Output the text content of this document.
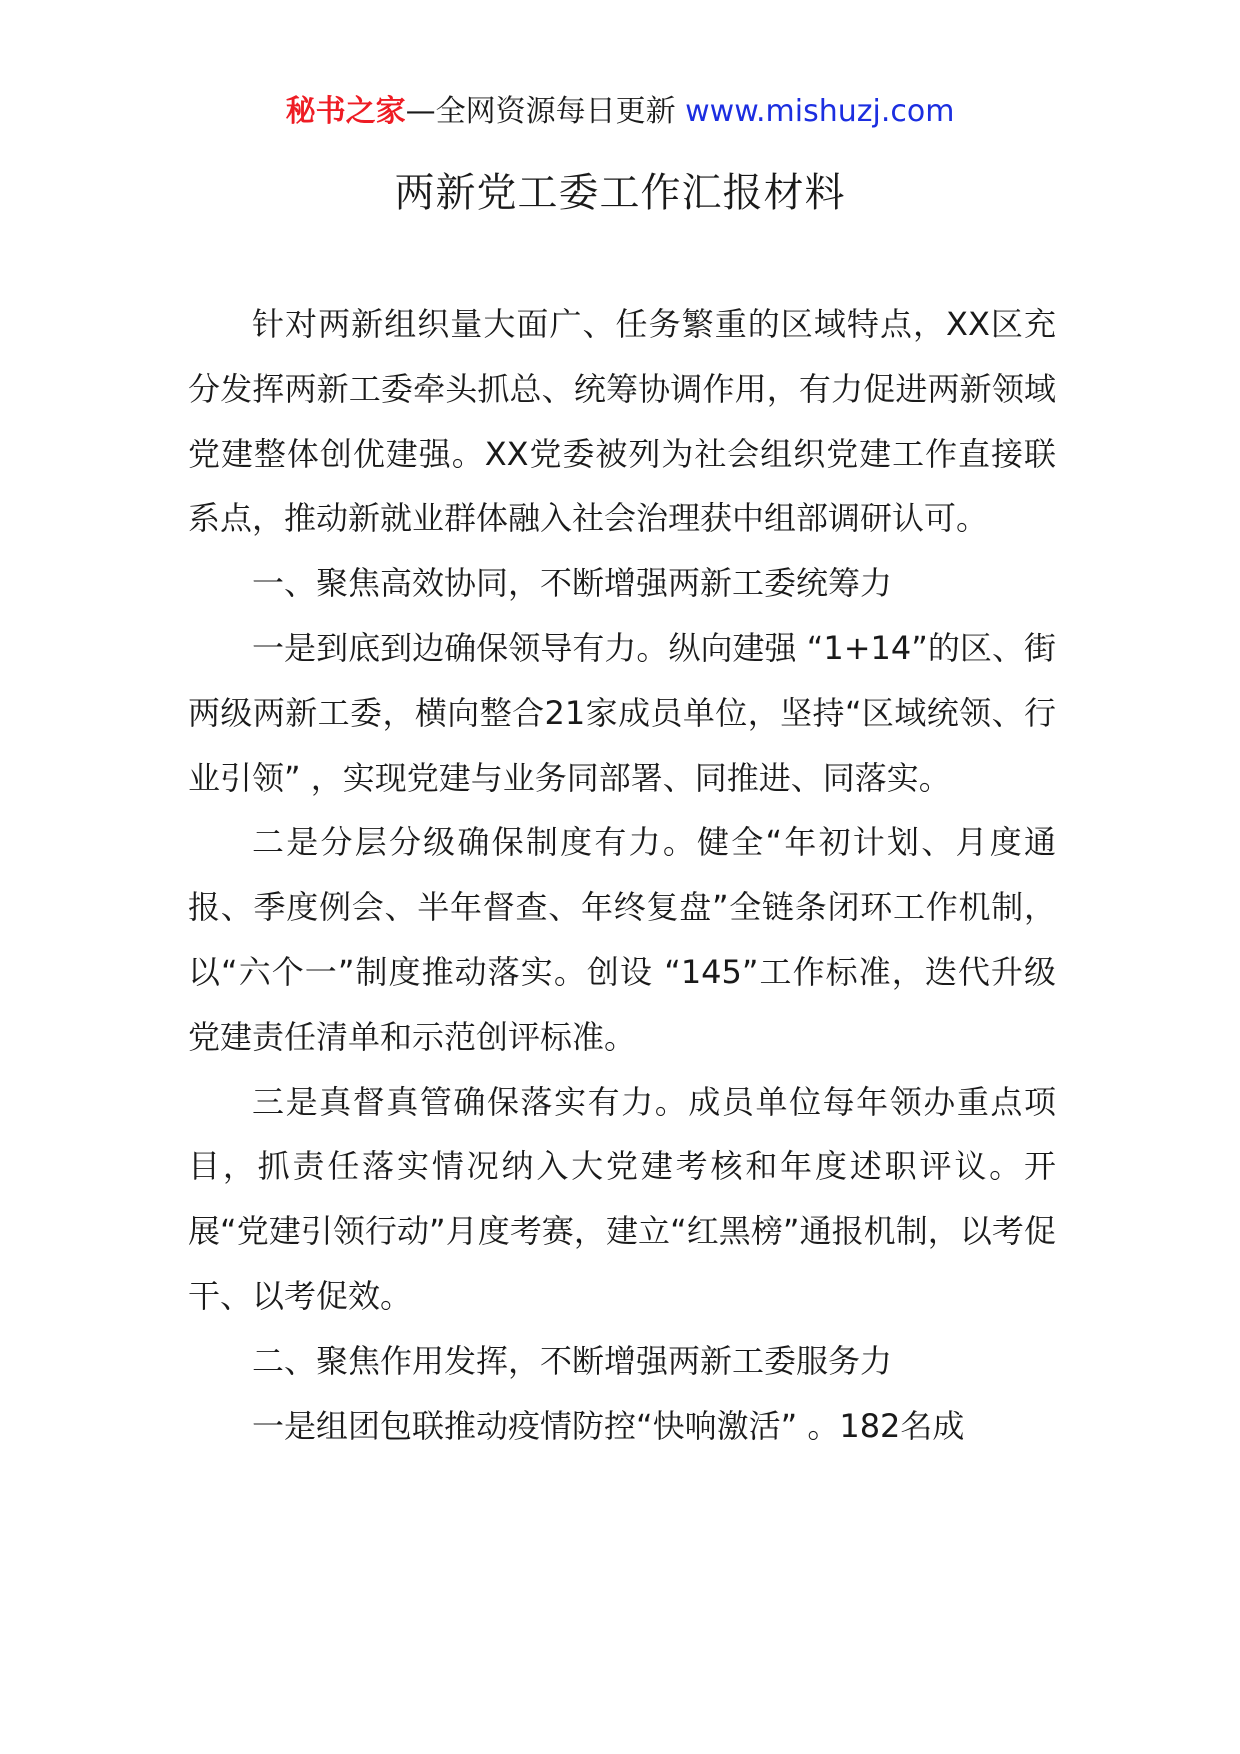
秘书之家—全网资源每日更新 www.mishuzj.com
两新党工委工作汇报材料

针对两新组织量大面广、任务繁重的区域特点，XX区充分发挥两新工委牵头抓总、统筹协调作用，有力促进两新领域党建整体创优建强。XX党委被列为社会组织党建工作直接联系点，推动新就业群体融入社会治理获中组部调研认可。

一、聚焦高效协同，不断增强两新工委统筹力

一是到底到边确保领导有力。纵向建强 “1+14”的区、街两级两新工委，横向整合21家成员单位，坚持“区域统领、行业引领” ，实现党建与业务同部署、同推进、同落实。

二是分层分级确保制度有力。健全“年初计划、月度通报、季度例会、半年督查、年终复盘”全链条闭环工作机制，以“六个一”制度推动落实。创设 “145”工作标准，迭代升级党建责任清单和示范创评标准。

三是真督真管确保落实有力。成员单位每年领办重点项目，抓责任落实情况纳入大党建考核和年度述职评议。开展“党建引领行动”月度考赛，建立“红黑榜”通报机制，以考促干、以考促效。

二、聚焦作用发挥，不断增强两新工委服务力

一是组团包联推动疫情防控“快响激活” 。182名成
